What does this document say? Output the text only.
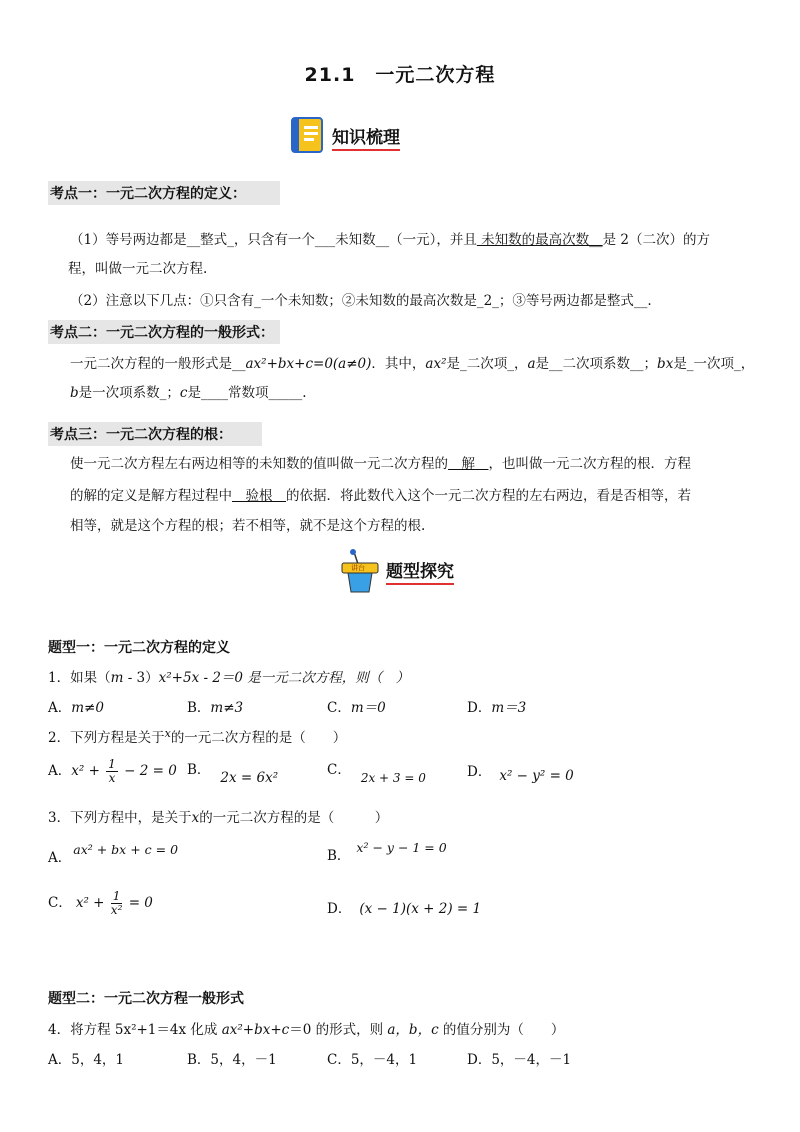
21.1　一元二次方程
知识梳理
考点一：一元二次方程的定义：
（1）等号两边都是__整式_，只含有一个___未知数__（一元），并且 未知数的最高次数__是 2（二次）的方
程，叫做一元二次方程.
（2）注意以下几点：①只含有_一个未知数；②未知数的最高次数是_2_；③等号两边都是整式__.
考点二：一元二次方程的一般形式：
一元二次方程的一般形式是__ax²+bx+c=0(a≠0)．其中，ax²是_二次项_，a是__二次项系数__；bx是_一次项_，
b是一次项系数_；c是____常数项_____.
考点三：一元二次方程的根：
使一元二次方程左右两边相等的未知数的值叫做一元二次方程的　解　，也叫做一元二次方程的根．方程
的解的定义是解方程过程中　验根　的依据．将此数代入这个一元二次方程的左右两边，看是否相等，若
相等，就是这个方程的根；若不相等，就不是这个方程的根.
讲台 题型探究
题型一：一元二次方程的定义
1．如果（m - 3）x²+5x - 2＝0 是一元二次方程，则（　）
A．m≠0	B．m≠3	C．m＝0	D．m＝3
2．下列方程是关于$^x$的一元二次方程的是（　　）
A．$x^2 + \frac{1}{x} - 2 = 0$ B． 2x = 6x²	C． 2x + 3 = 0	D． x² − y² = 0
3．下列方程中，是关于x的一元二次方程的是（　　　）
A．ax² + bx + c = 0	B．x² − y − 1 = 0
C． $x^2 + \frac{1}{\text{x²}} = 0$	D． (x − 1)(x + 2) = 1
题型二：一元二次方程一般形式
4．将方程 5x²+1＝4x 化成 ax²+bx+c＝0 的形式，则 a，b，c 的值分别为（　　）
A．5，4，1	B．5，4，－1	C．5，－4，1	D．5，－4，－1
